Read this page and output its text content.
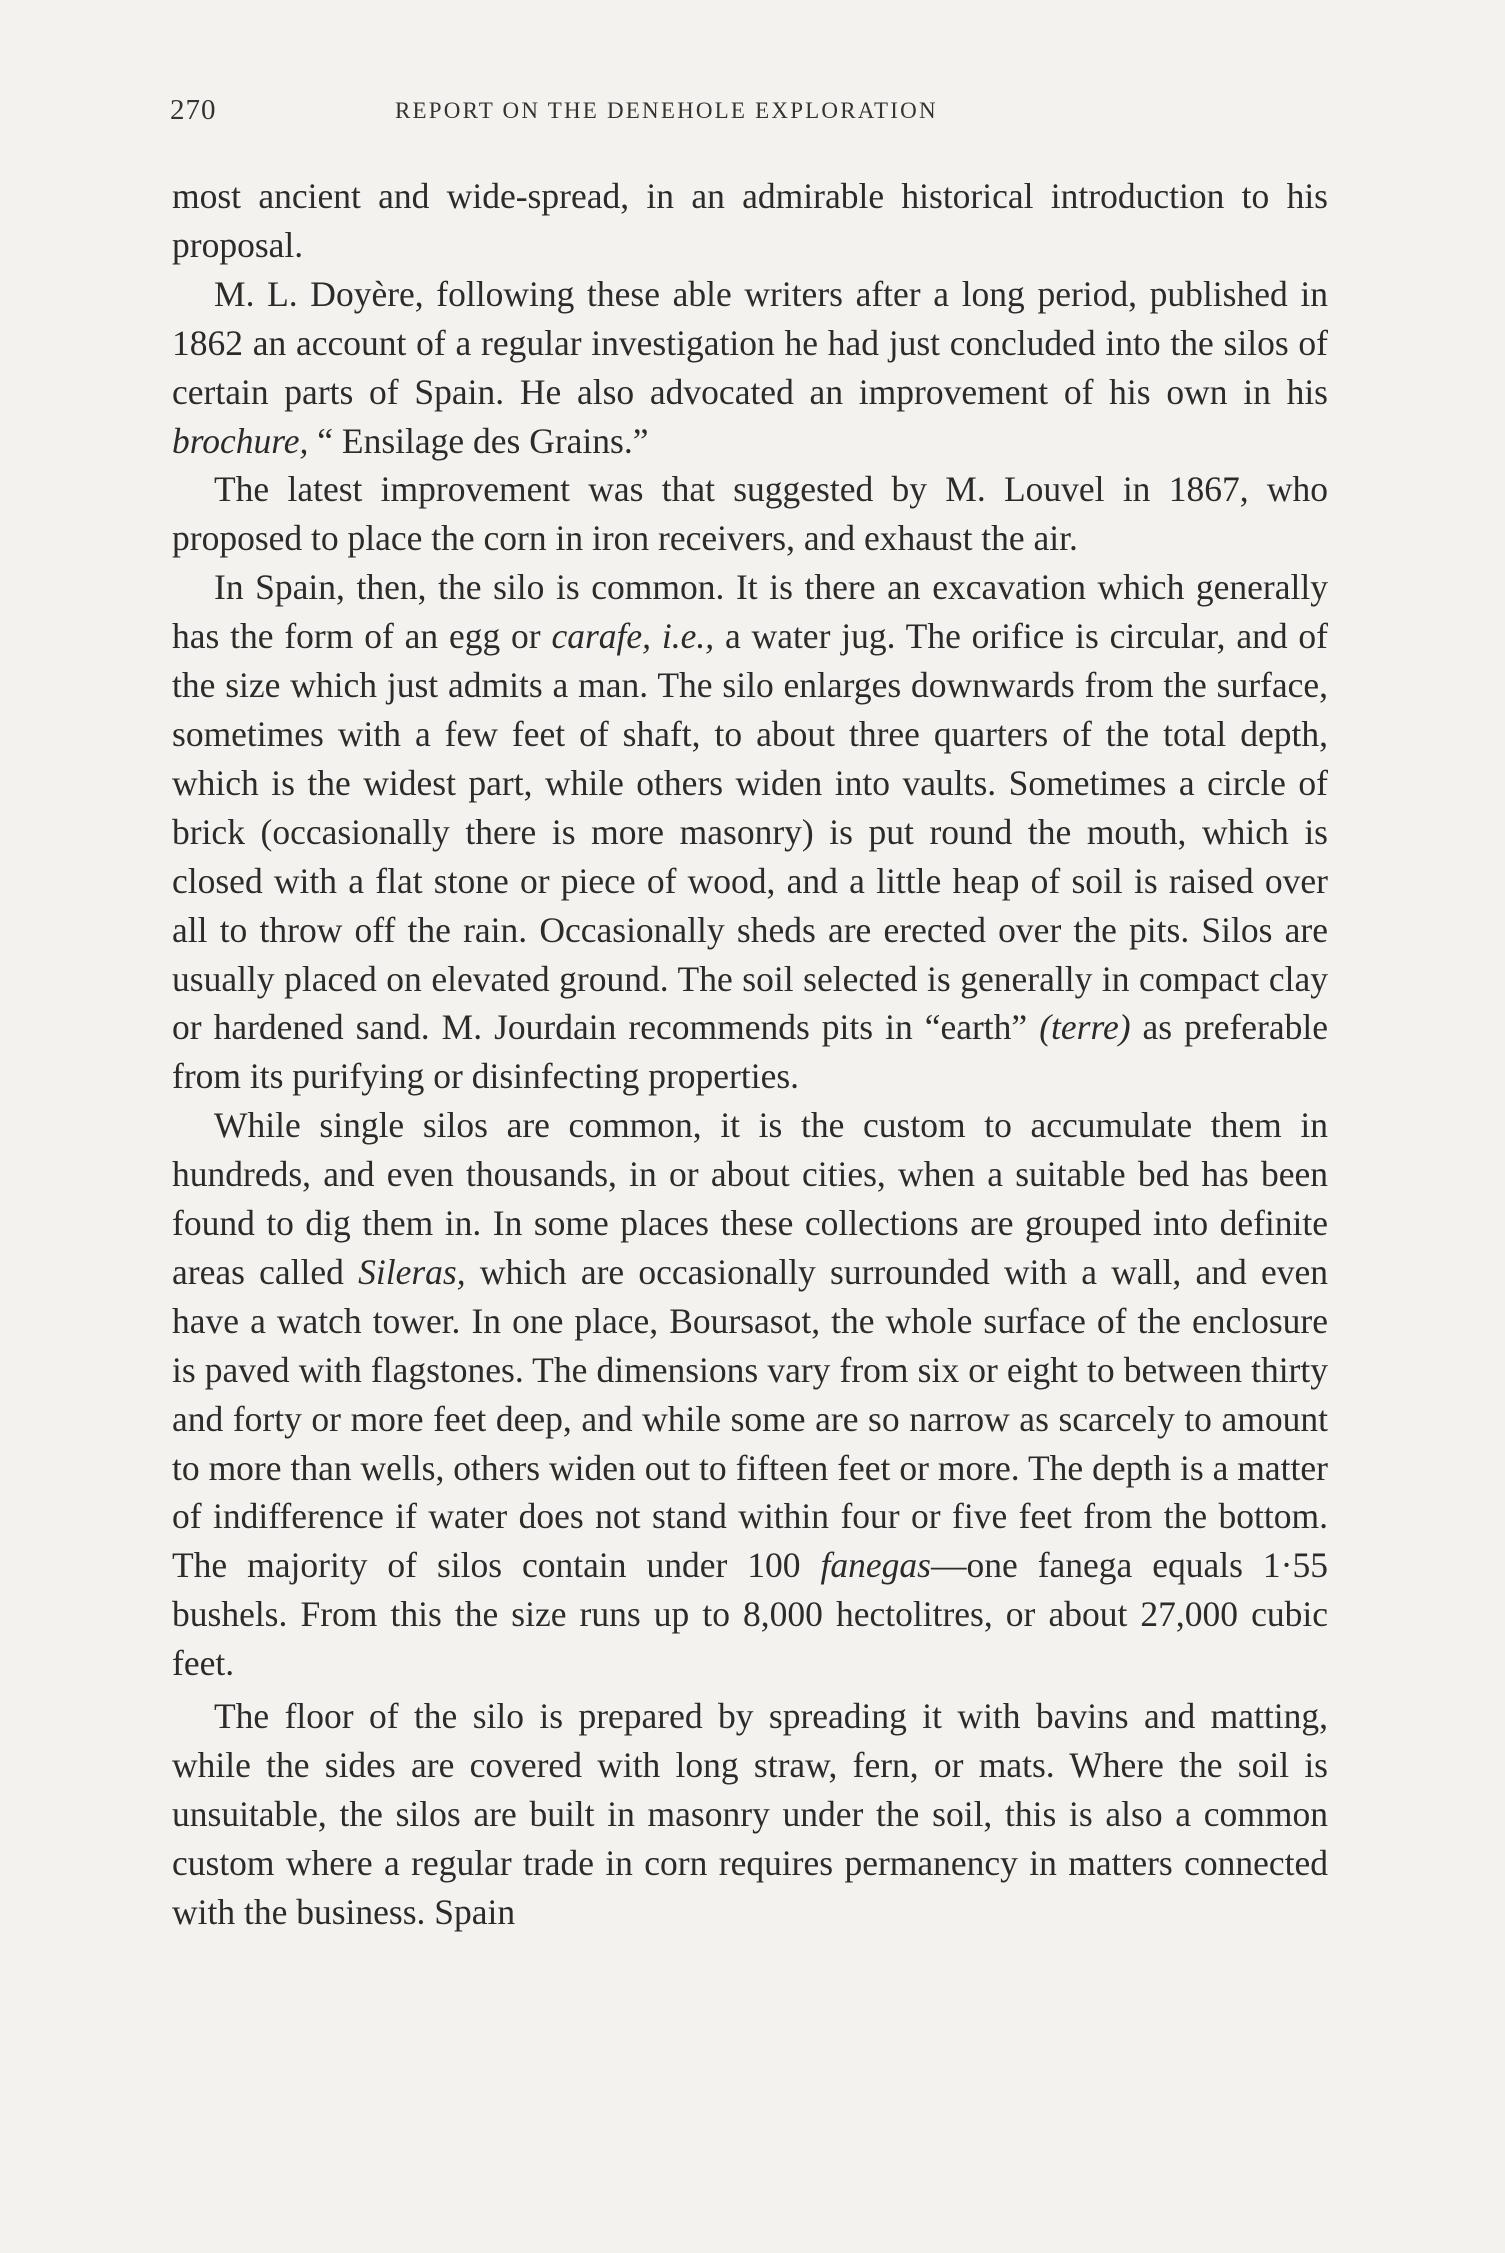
270	REPORT ON THE DENEHOLE EXPLORATION

most ancient and wide-spread, in an admirable historical introduction to his proposal.

M. L. Doyère, following these able writers after a long period, published in 1862 an account of a regular investigation he had just concluded into the silos of certain parts of Spain. He also advocated an improvement of his own in his brochure, “ Ensilage des Grains.”

The latest improvement was that suggested by M. Louvel in 1867, who proposed to place the corn in iron receivers, and exhaust the air.

In Spain, then, the silo is common. It is there an excavation which generally has the form of an egg or carafe, i.e., a water jug. The orifice is circular, and of the size which just admits a man. The silo enlarges downwards from the surface, sometimes with a few feet of shaft, to about three quarters of the total depth, which is the widest part, while others widen into vaults. Sometimes a circle of brick (occasionally there is more masonry) is put round the mouth, which is closed with a flat stone or piece of wood, and a little heap of soil is raised over all to throw off the rain. Occasionally sheds are erected over the pits. Silos are usually placed on elevated ground. The soil selected is generally in compact clay or hardened sand. M. Jourdain recommends pits in “earth” (terre) as preferable from its purifying or disinfecting properties.

While single silos are common, it is the custom to accumulate them in hundreds, and even thousands, in or about cities, when a suitable bed has been found to dig them in. In some places these collections are grouped into definite areas called Sileras, which are occasionally surrounded with a wall, and even have a watch tower. In one place, Boursasot, the whole surface of the enclosure is paved with flagstones. The dimensions vary from six or eight to between thirty and forty or more feet deep, and while some are so narrow as scarcely to amount to more than wells, others widen out to fifteen feet or more. The depth is a matter of indifference if water does not stand within four or five feet from the bottom. The majority of silos contain under 100 fanegas—one fanega equals 1·55 bushels. From this the size runs up to 8,000 hectolitres, or about 27,000 cubic feet.

The floor of the silo is prepared by spreading it with bavins and matting, while the sides are covered with long straw, fern, or mats. Where the soil is unsuitable, the silos are built in masonry under the soil, this is also a common custom where a regular trade in corn requires permanency in matters connected with the business. Spain
